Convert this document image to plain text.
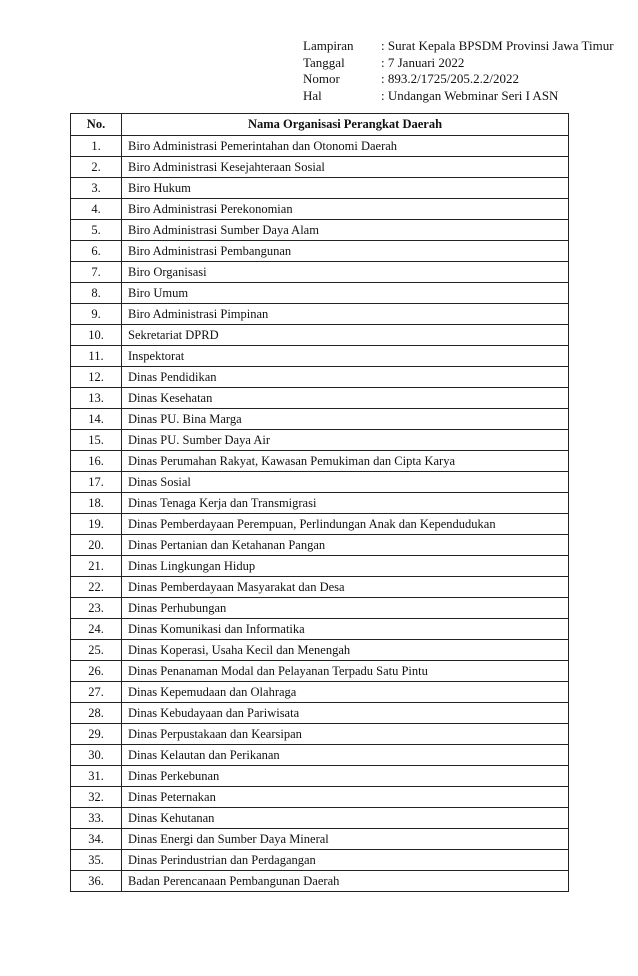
Lampiran	: Surat Kepala BPSDM Provinsi Jawa Timur
Tanggal	: 7 Januari 2022
Nomor	: 893.2/1725/205.2.2/2022
Hal	: Undangan Webminar Seri I ASN
No.	Nama Organisasi Perangkat Daerah
1.	Biro Administrasi Pemerintahan dan Otonomi Daerah
2.	Biro Administrasi Kesejahteraan Sosial
3.	Biro Hukum
4.	Biro Administrasi Perekonomian
5.	Biro Administrasi Sumber Daya Alam
6.	Biro Administrasi Pembangunan
7.	Biro Organisasi
8.	Biro Umum
9.	Biro Administrasi Pimpinan
10.	Sekretariat DPRD
11.	Inspektorat
12.	Dinas Pendidikan
13.	Dinas Kesehatan
14.	Dinas PU. Bina Marga
15.	Dinas PU. Sumber Daya Air
16.	Dinas Perumahan Rakyat, Kawasan Pemukiman dan Cipta Karya
17.	Dinas Sosial
18.	Dinas Tenaga Kerja dan Transmigrasi
19.	Dinas Pemberdayaan Perempuan, Perlindungan Anak dan Kependudukan
20.	Dinas Pertanian dan Ketahanan Pangan
21.	Dinas Lingkungan Hidup
22.	Dinas Pemberdayaan Masyarakat dan Desa
23.	Dinas Perhubungan
24.	Dinas Komunikasi dan Informatika
25.	Dinas Koperasi, Usaha Kecil dan Menengah
26.	Dinas Penanaman Modal dan Pelayanan Terpadu Satu Pintu
27.	Dinas Kepemudaan dan Olahraga
28.	Dinas Kebudayaan dan Pariwisata
29.	Dinas Perpustakaan dan Kearsipan
30.	Dinas Kelautan dan Perikanan
31.	Dinas Perkebunan
32.	Dinas Peternakan
33.	Dinas Kehutanan
34.	Dinas Energi dan Sumber Daya Mineral
35.	Dinas Perindustrian dan Perdagangan
36.	Badan Perencanaan Pembangunan Daerah
